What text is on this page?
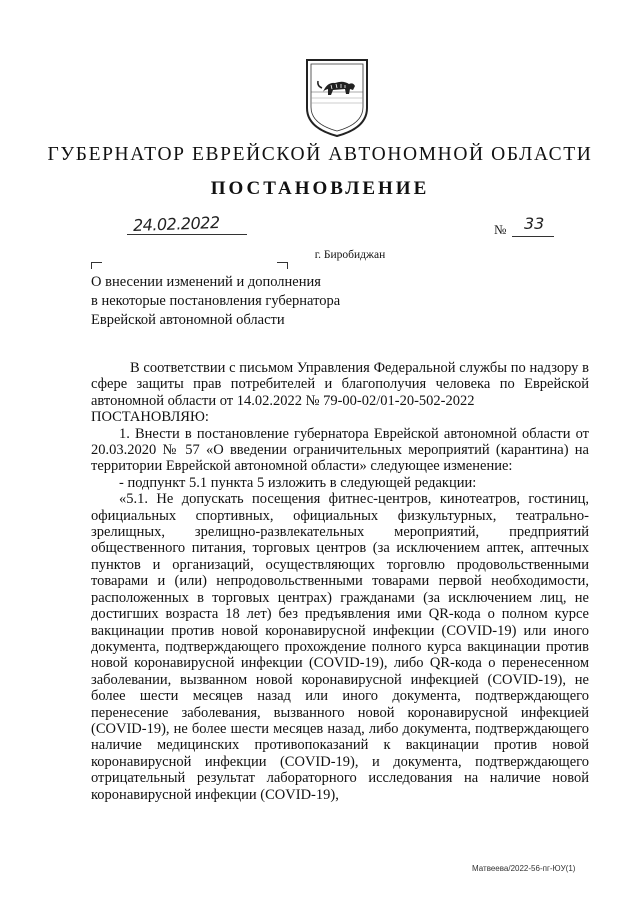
ГУБЕРНАТОР ЕВРЕЙСКОЙ АВТОНОМНОЙ ОБЛАСТИ
ПОСТАНОВЛЕНИЕ
24.02.2022	№ 33
г. Биробиджан
О внесении изменений и дополнения
в некоторые постановления губернатора
Еврейской автономной области

В соответствии с письмом Управления Федеральной службы по надзору в сфере защиты прав потребителей и благополучия человека по Еврейской автономной области от 14.02.2022 № 79-00-02/01-20-502-2022

ПОСТАНОВЛЯЮ:

1. Внести в постановление губернатора Еврейской автономной области от 20.03.2020 № 57 «О введении ограничительных мероприятий (карантина) на территории Еврейской автономной области» следующее изменение:

- подпункт 5.1 пункта 5 изложить в следующей редакции:

«5.1. Не допускать посещения фитнес-центров, кинотеатров, гостиниц, официальных спортивных, официальных физкультурных, театрально-зрелищных, зрелищно-развлекательных мероприятий, предприятий общественного питания, торговых центров (за исключением аптек, аптечных пунктов и организаций, осуществляющих торговлю продовольственными товарами и (или) непродовольственными товарами первой необходимости, расположенных в торговых центрах) гражданами (за исключением лиц, не достигших возраста 18 лет) без предъявления ими QR-кода о полном курсе вакцинации против новой коронавирусной инфекции (COVID-19) или иного документа, подтверждающего прохождение полного курса вакцинации против новой коронавирусной инфекции (COVID-19), либо QR-кода о перенесенном заболевании, вызванном новой коронавирусной инфекцией (COVID-19), не более шести месяцев назад или иного документа, подтверждающего перенесение заболевания, вызванного новой коронавирусной инфекцией (COVID-19), не более шести месяцев назад, либо документа, подтверждающего наличие медицинских противопоказаний к вакцинации против новой коронавирусной инфекции (COVID-19), и документа, подтверждающего отрицательный результат лабораторного исследования на наличие новой коронавирусной инфекции (COVID-19),

Матвеева/2022-56-пг-ЮУ(1)
